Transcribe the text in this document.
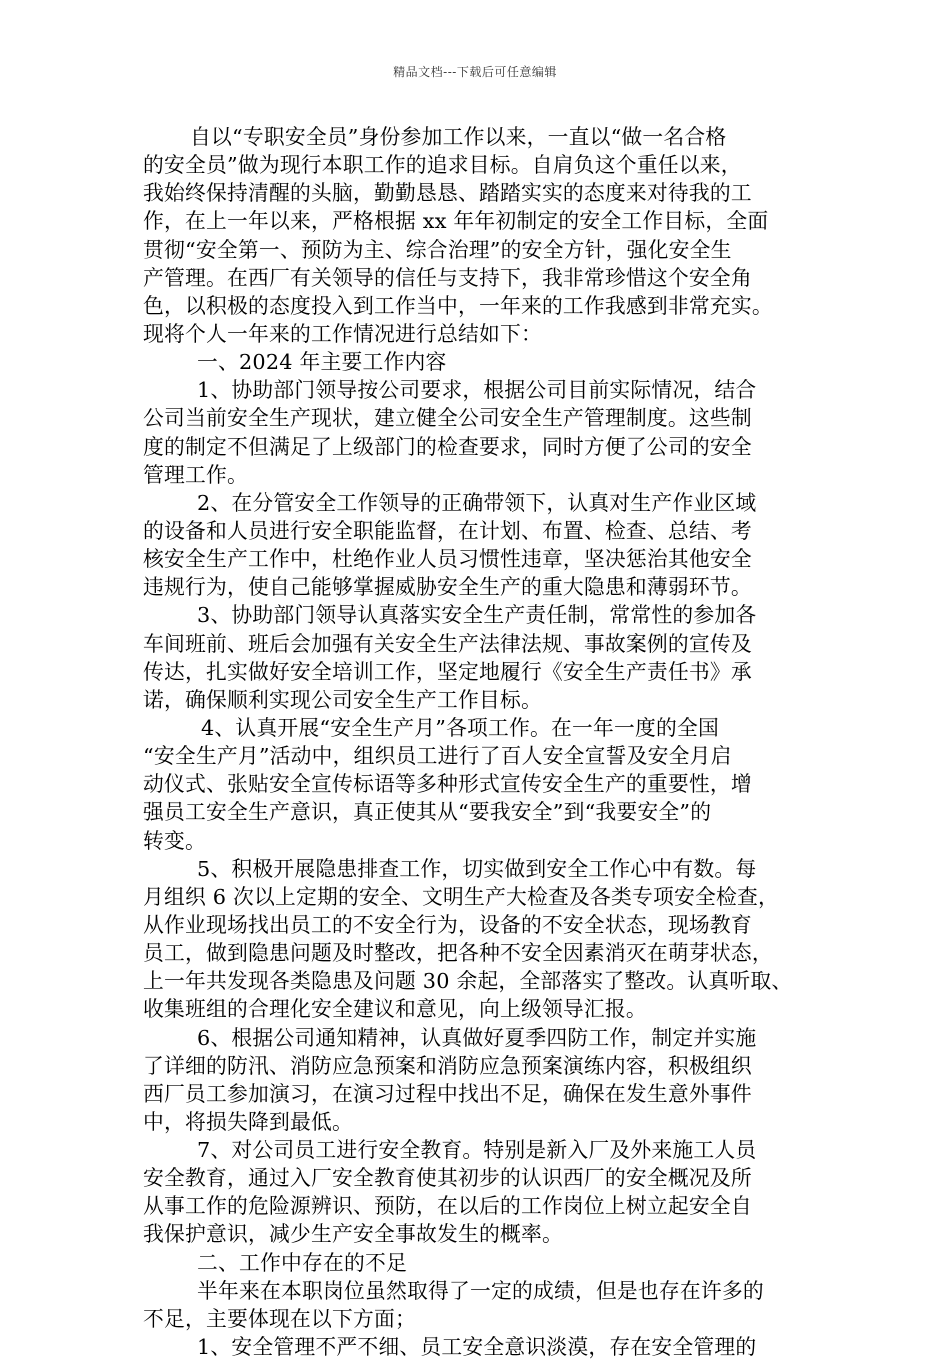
精品文档---下载后可任意编辑
自以“专职安全员”身份参加工作以来，一直以“做一名合格
的安全员”做为现行本职工作的追求目标。自肩负这个重任以来，
我始终保持清醒的头脑，勤勤恳恳、踏踏实实的态度来对待我的工
作，在上一年以来，严格根据 xx 年年初制定的安全工作目标，全面
贯彻“安全第一、预防为主、综合治理”的安全方针，强化安全生
产管理。在西厂有关领导的信任与支持下，我非常珍惜这个安全角
色，以积极的态度投入到工作当中，一年来的工作我感到非常充实。
现将个人一年来的工作情况进行总结如下：
一、2024 年主要工作内容
1、协助部门领导按公司要求，根据公司目前实际情况，结合
公司当前安全生产现状，建立健全公司安全生产管理制度。这些制
度的制定不但满足了上级部门的检查要求，同时方便了公司的安全
管理工作。
2、在分管安全工作领导的正确带领下，认真对生产作业区域
的设备和人员进行安全职能监督，在计划、布置、检查、总结、考
核安全生产工作中，杜绝作业人员习惯性违章，坚决惩治其他安全
违规行为，使自己能够掌握威胁安全生产的重大隐患和薄弱环节。
3、协助部门领导认真落实安全生产责任制，常常性的参加各
车间班前、班后会加强有关安全生产法律法规、事故案例的宣传及
传达，扎实做好安全培训工作，坚定地履行《安全生产责任书》承
诺，确保顺利实现公司安全生产工作目标。
4、认真开展“安全生产月”各项工作。在一年一度的全国
“安全生产月”活动中，组织员工进行了百人安全宣誓及安全月启
动仪式、张贴安全宣传标语等多种形式宣传安全生产的重要性，增
强员工安全生产意识，真正使其从“要我安全”到“我要安全”的
转变。
5、积极开展隐患排查工作，切实做到安全工作心中有数。每
月组织 6 次以上定期的安全、文明生产大检查及各类专项安全检查，
从作业现场找出员工的不安全行为，设备的不安全状态，现场教育
员工，做到隐患问题及时整改，把各种不安全因素消灭在萌芽状态，
上一年共发现各类隐患及问题 30 余起，全部落实了整改。认真听取、
收集班组的合理化安全建议和意见，向上级领导汇报。
6、根据公司通知精神，认真做好夏季四防工作，制定并实施
了详细的防汛、消防应急预案和消防应急预案演练内容，积极组织
西厂员工参加演习，在演习过程中找出不足，确保在发生意外事件
中，将损失降到最低。
7、对公司员工进行安全教育。特别是新入厂及外来施工人员
安全教育，通过入厂安全教育使其初步的认识西厂的安全概况及所
从事工作的危险源辨识、预防，在以后的工作岗位上树立起安全自
我保护意识，减少生产安全事故发生的概率。
二、工作中存在的不足
半年来在本职岗位虽然取得了一定的成绩，但是也存在许多的
不足，主要体现在以下方面；
1、安全管理不严不细、员工安全意识淡漠，存在安全管理的
